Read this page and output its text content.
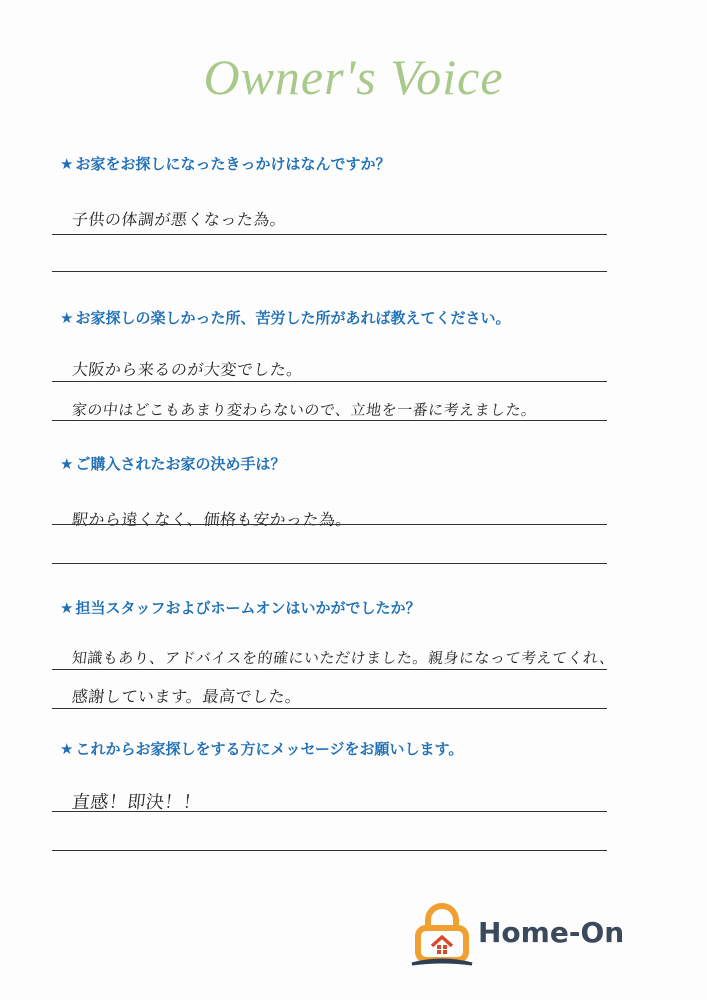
Owner's Voice
★ お家をお探しになったきっかけはなんですか？
子供の体調が悪くなった為。
★ お家探しの楽しかった所、苦労した所があれば教えてください。
大阪から来るのが大変でした。
家の中はどこもあまり変わらないので、立地を一番に考えました。
★ ご購入されたお家の決め手は？
駅から遠くなく、価格も安かった為。
★ 担当スタッフおよびホームオンはいかがでしたか？
知識もあり、アドバイスを的確にいただけました。親身になって考えてくれ、
感謝しています。最高でした。
★ これからお家探しをする方にメッセージをお願いします。
直感！即決！！
Home-On
